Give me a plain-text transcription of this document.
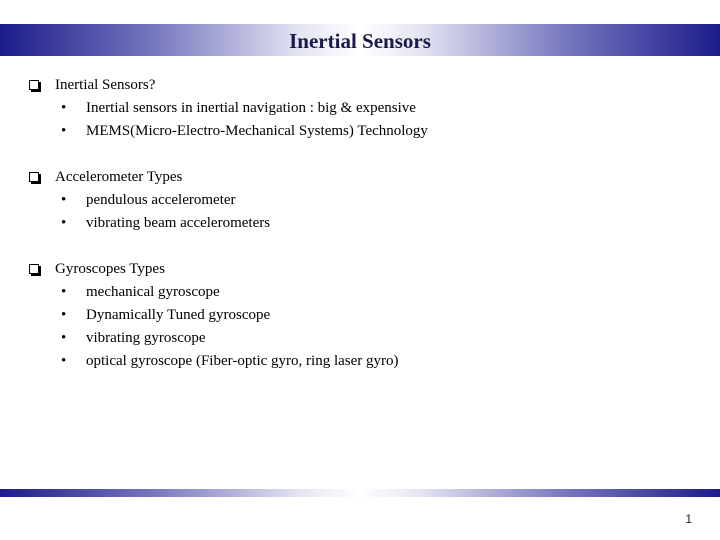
Inertial Sensors
Inertial Sensors?
• Inertial sensors in inertial navigation : big & expensive
• MEMS(Micro-Electro-Mechanical Systems) Technology
Accelerometer Types
• pendulous accelerometer
• vibrating beam accelerometers
Gyroscopes Types
• mechanical gyroscope
• Dynamically Tuned gyroscope
• vibrating gyroscope
• optical gyroscope (Fiber-optic gyro, ring laser gyro)
1
